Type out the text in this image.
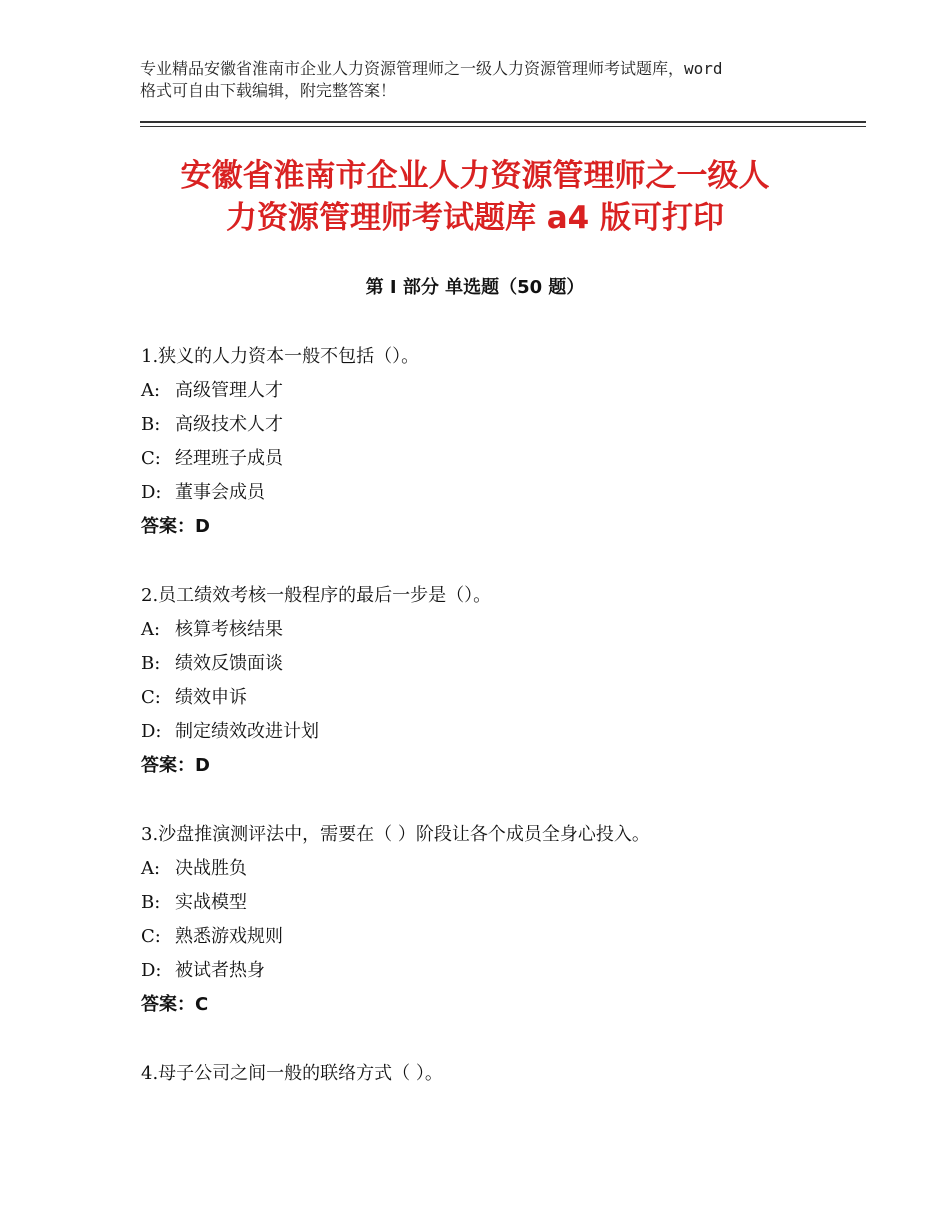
专业精品安徽省淮南市企业人力资源管理师之一级人力资源管理师考试题库，word
格式可自由下载编辑，附完整答案！
安徽省淮南市企业人力资源管理师之一级人
力资源管理师考试题库 a4 版可打印
第 I 部分 单选题（50 题）
1.狭义的人力资本一般不包括（）。
A: 高级管理人才
B: 高级技术人才
C: 经理班子成员
D: 董事会成员
答案：D
2.员工绩效考核一般程序的最后一步是（）。
A: 核算考核结果
B: 绩效反馈面谈
C: 绩效申诉
D: 制定绩效改进计划
答案：D
3.沙盘推演测评法中，需要在（ ）阶段让各个成员全身心投入。
A: 决战胜负
B: 实战模型
C: 熟悉游戏规则
D: 被试者热身
答案：C
4.母子公司之间一般的联络方式（ ）。
